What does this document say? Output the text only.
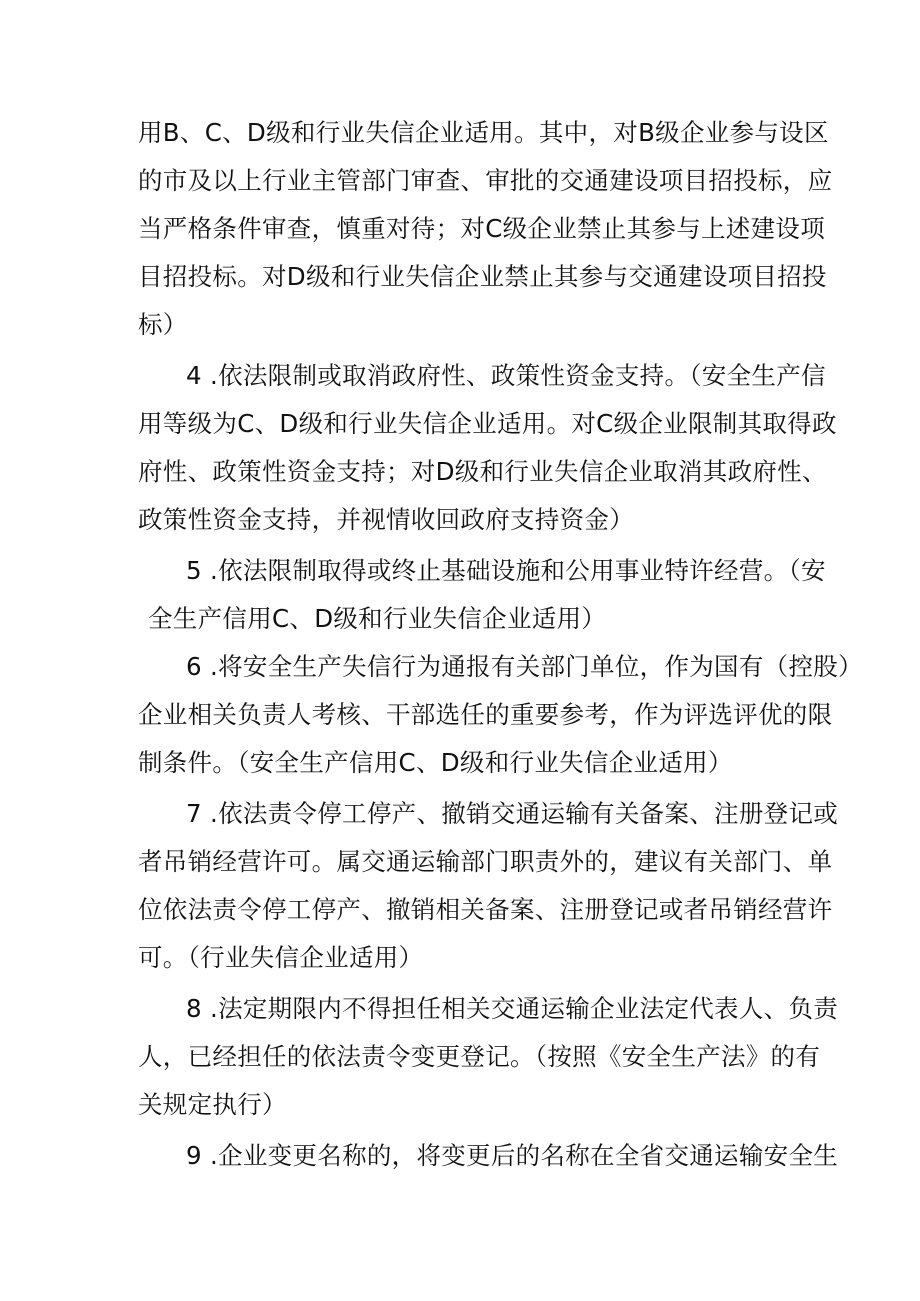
用B、C、D级和行业失信企业适用。其中，对B级企业参与设区
的市及以上行业主管部门审查、审批的交通建设项目招投标，应
当严格条件审查，慎重对待；对C级企业禁止其参与上述建设项
目招投标。对D级和行业失信企业禁止其参与交通建设项目招投
标）
4 .依法限制或取消政府性、政策性资金支持。（安全生产信
用等级为C、D级和行业失信企业适用。对C级企业限制其取得政
府性、政策性资金支持；对D级和行业失信企业取消其政府性、
政策性资金支持，并视情收回政府支持资金）
5 .依法限制取得或终止基础设施和公用事业特许经营。（安
全生产信用C、D级和行业失信企业适用）
6 .将安全生产失信行为通报有关部门单位，作为国有（控股）
企业相关负责人考核、干部选任的重要参考，作为评选评优的限
制条件。（安全生产信用C、D级和行业失信企业适用）
7 .依法责令停工停产、撤销交通运输有关备案、注册登记或
者吊销经营许可。属交通运输部门职责外的，建议有关部门、单
位依法责令停工停产、撤销相关备案、注册登记或者吊销经营许
可。（行业失信企业适用）
8 .法定期限内不得担任相关交通运输企业法定代表人、负责
人，已经担任的依法责令变更登记。（按照《安全生产法》的有
关规定执行）
9 .企业变更名称的，将变更后的名称在全省交通运输安全生
